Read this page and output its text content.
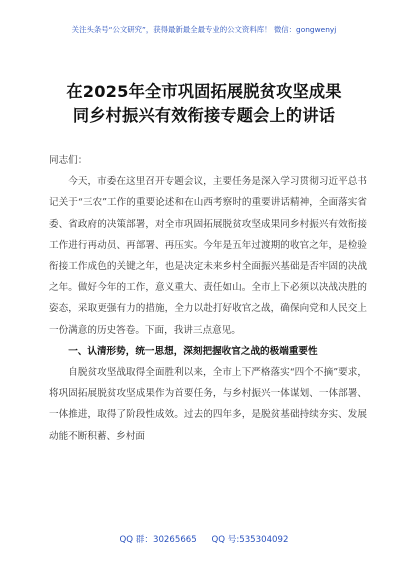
关注头条号“公文研究”，获得最新最全最专业的公文资料库！ 微信：gongwenyj
在2025年全市巩固拓展脱贫攻坚成果
同乡村振兴有效衔接专题会上的讲话

同志们：

今天，市委在这里召开专题会议，主要任务是深入学习贯彻习近平总书记关于“三农”工作的重要论述和在山西考察时的重要讲话精神，全面落实省委、省政府的决策部署，对全市巩固拓展脱贫攻坚成果同乡村振兴有效衔接工作进行再动员、再部署、再压实。今年是五年过渡期的收官之年，是检验衔接工作成色的关键之年，也是决定未来乡村全面振兴基础是否牢固的决战之年。做好今年的工作，意义重大、责任如山。全市上下必须以决战决胜的姿态，采取更强有力的措施，全力以赴打好收官之战，确保向党和人民交上一份满意的历史答卷。下面，我讲三点意见。

一、认清形势，统一思想，深刻把握收官之战的极端重要性

自脱贫攻坚战取得全面胜利以来，全市上下严格落实“四个不摘”要求，将巩固拓展脱贫攻坚成果作为首要任务，与乡村振兴一体谋划、一体部署、一体推进，取得了阶段性成效。过去的四年多，是脱贫基础持续夯实、发展动能不断积蓄、乡村面

QQ 群：30265665 QQ 号:535304092
